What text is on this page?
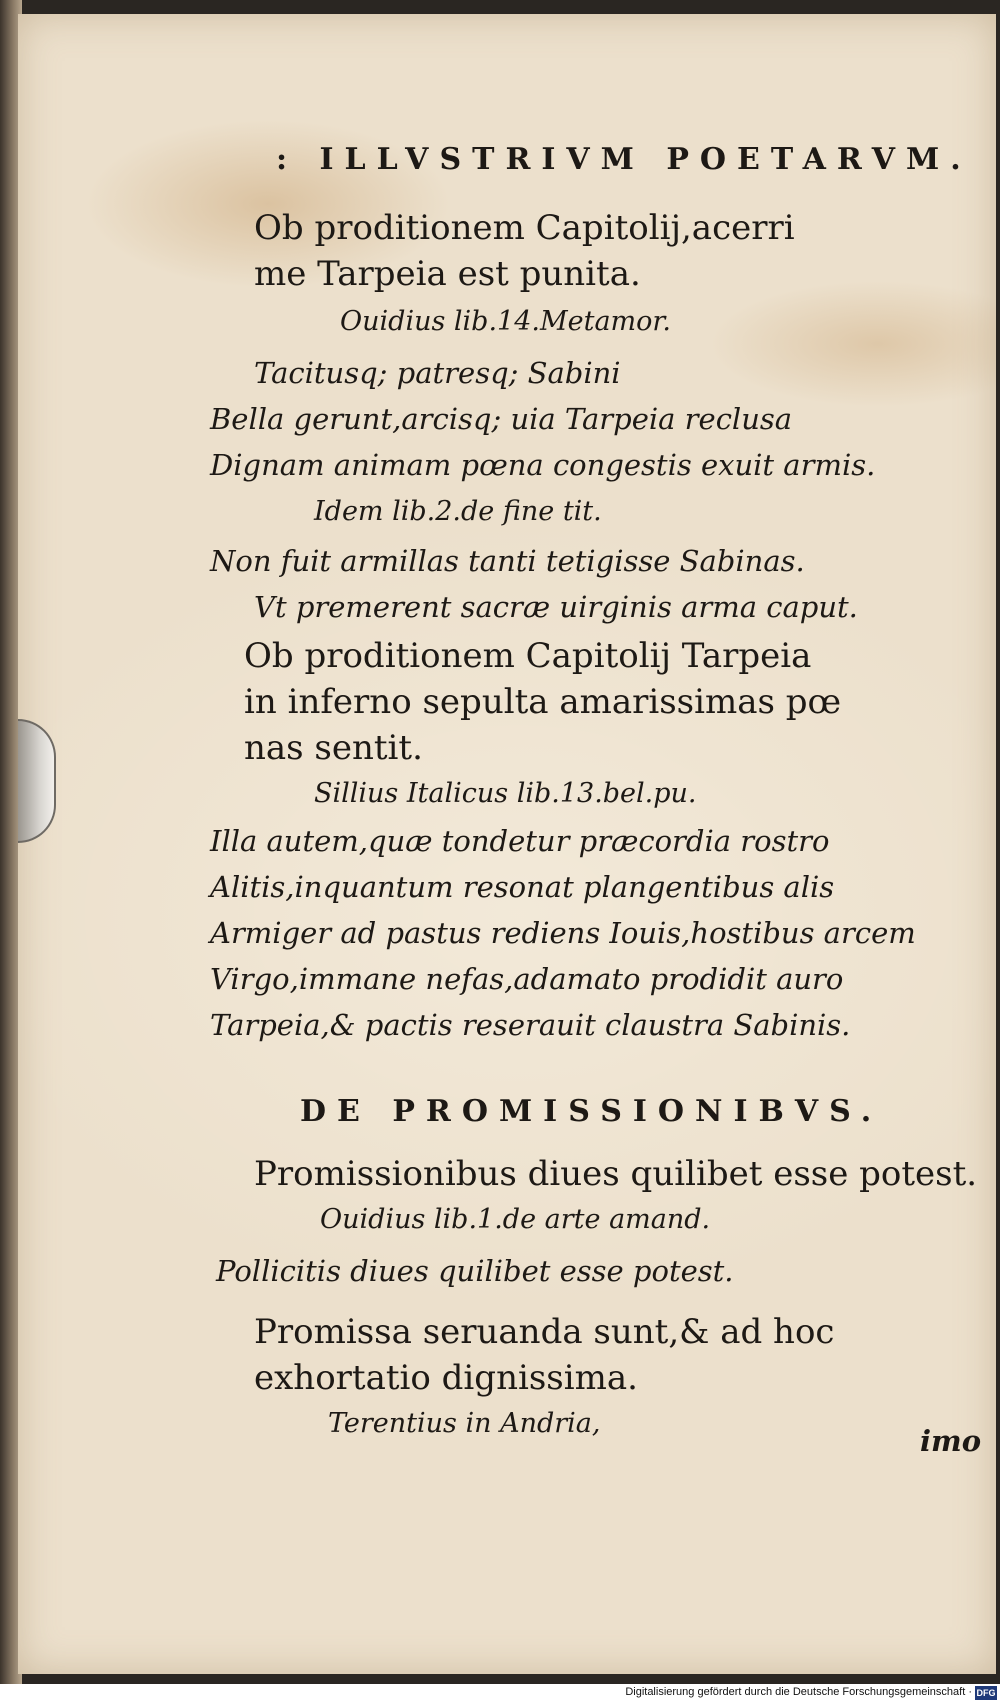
: ILLVSTRIVM POETARVM.
Ob proditionem Capitolij,acerri
me Tarpeia est punita.
Ouidius lib.14.Metamor.
Tacitusq; patresq; Sabini
Bella gerunt,arcisq; uia Tarpeia reclusa
Dignam animam pœna congestis exuit armis.
Idem lib.2.de fine tit.
Non fuit armillas tanti tetigisse Sabinas.
Vt premerent sacræ uirginis arma caput.
Ob proditionem Capitolij Tarpeia
in inferno sepulta amarissimas pœ
nas sentit.
Sillius Italicus lib.13.bel.pu.
Illa autem,quæ tondetur præcordia rostro
Alitis,inquantum resonat plangentibus alis
Armiger ad pastus rediens Iouis,hostibus arcem
Virgo,immane nefas,adamato prodidit auro
Tarpeia,& pactis reserauit claustra Sabinis.
DE PROMISSIONIBVS.
Promissionibus diues quilibet esse potest.
Ouidius lib.1.de arte amand.
Pollicitis diues quilibet esse potest.
Promissa seruanda sunt,& ad hoc
exhortatio dignissima.
Terentius in Andria,
imo
Digitalisierung gefördert durch die Deutsche Forschungsgemeinschaft · DFG
